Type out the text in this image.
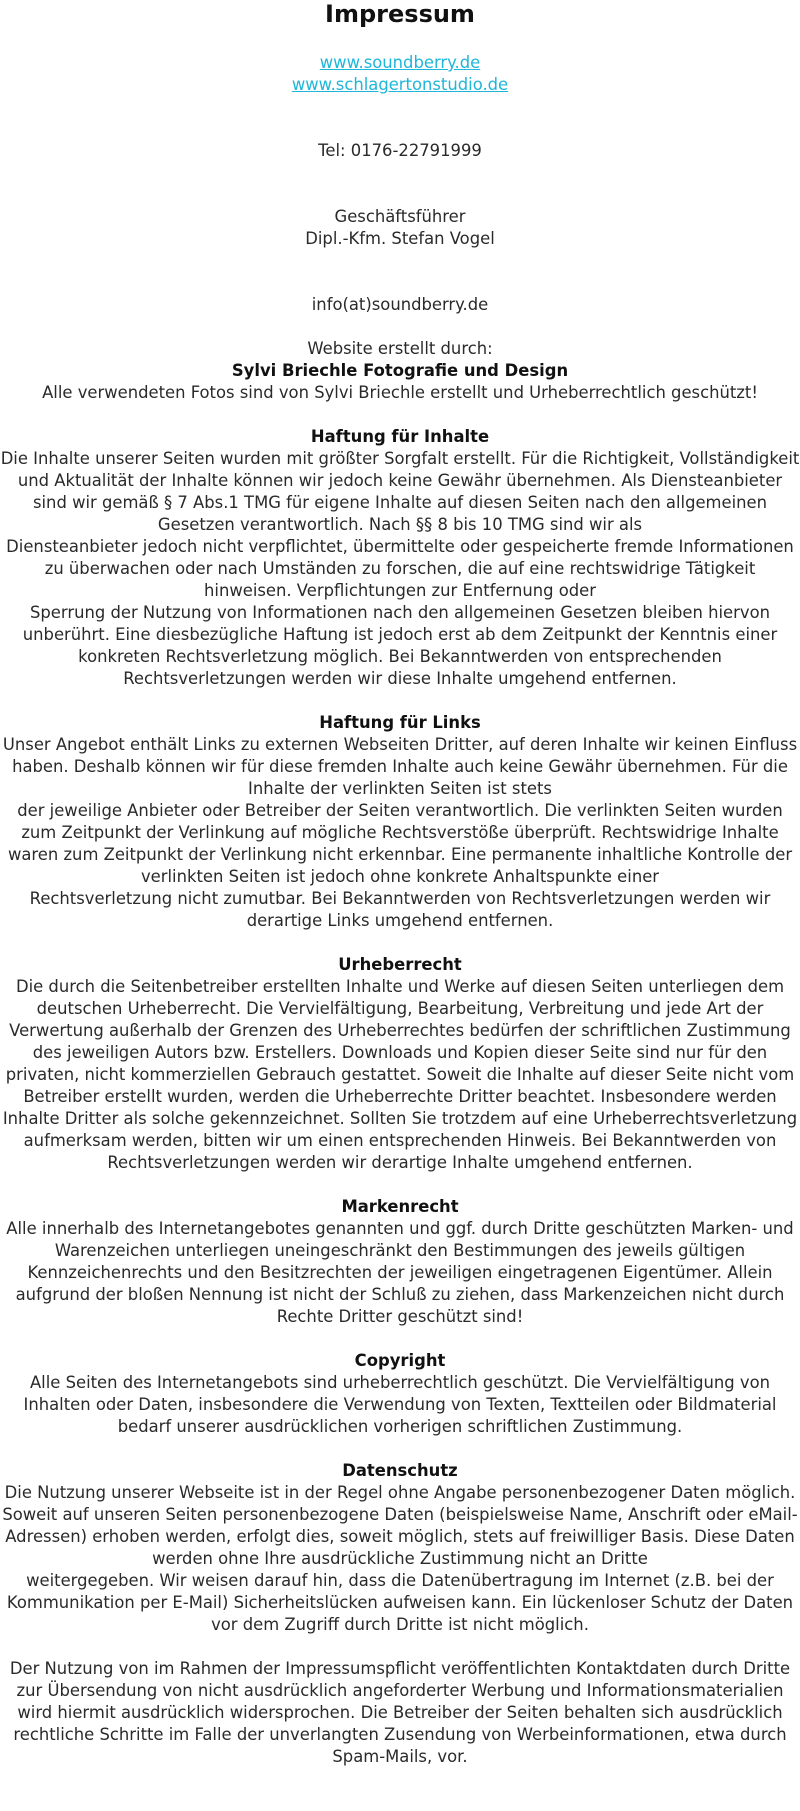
Impressum
www.soundberry.de
www.schlagertonstudio.de
Tel: 0176-22791999
Geschäftsführer
Dipl.-Kfm. Stefan Vogel
info(at)soundberry.de
Website erstellt durch:
Sylvi Briechle Fotografie und Design
Alle verwendeten Fotos sind von Sylvi Briechle erstellt und Urheberrechtlich geschützt!
Haftung für Inhalte
Die Inhalte unserer Seiten wurden mit größter Sorgfalt erstellt. Für die Richtigkeit, Vollständigkeit und Aktualität der Inhalte können wir jedoch keine Gewähr übernehmen. Als Diensteanbieter sind wir gemäß § 7 Abs.1 TMG für eigene Inhalte auf diesen Seiten nach den allgemeinen Gesetzen verantwortlich. Nach §§ 8 bis 10 TMG sind wir als
Diensteanbieter jedoch nicht verpflichtet, übermittelte oder gespeicherte fremde Informationen zu überwachen oder nach Umständen zu forschen, die auf eine rechtswidrige Tätigkeit hinweisen. Verpflichtungen zur Entfernung oder
Sperrung der Nutzung von Informationen nach den allgemeinen Gesetzen bleiben hiervon unberührt. Eine diesbezügliche Haftung ist jedoch erst ab dem Zeitpunkt der Kenntnis einer konkreten Rechtsverletzung möglich. Bei Bekanntwerden von entsprechenden Rechtsverletzungen werden wir diese Inhalte umgehend entfernen.
Haftung für Links
Unser Angebot enthält Links zu externen Webseiten Dritter, auf deren Inhalte wir keinen Einfluss haben. Deshalb können wir für diese fremden Inhalte auch keine Gewähr übernehmen. Für die Inhalte der verlinkten Seiten ist stets
der jeweilige Anbieter oder Betreiber der Seiten verantwortlich. Die verlinkten Seiten wurden zum Zeitpunkt der Verlinkung auf mögliche Rechtsverstöße überprüft. Rechtswidrige Inhalte waren zum Zeitpunkt der Verlinkung nicht erkennbar. Eine permanente inhaltliche Kontrolle der verlinkten Seiten ist jedoch ohne konkrete Anhaltspunkte einer
Rechtsverletzung nicht zumutbar. Bei Bekanntwerden von Rechtsverletzungen werden wir derartige Links umgehend entfernen.
Urheberrecht
Die durch die Seitenbetreiber erstellten Inhalte und Werke auf diesen Seiten unterliegen dem deutschen Urheberrecht. Die Vervielfältigung, Bearbeitung, Verbreitung und jede Art der Verwertung außerhalb der Grenzen des Urheberrechtes bedürfen der schriftlichen Zustimmung des jeweiligen Autors bzw. Erstellers. Downloads und Kopien dieser Seite sind nur für den privaten, nicht kommerziellen Gebrauch gestattet. Soweit die Inhalte auf dieser Seite nicht vom Betreiber erstellt wurden, werden die Urheberrechte Dritter beachtet. Insbesondere werden Inhalte Dritter als solche gekennzeichnet. Sollten Sie trotzdem auf eine Urheberrechtsverletzung aufmerksam werden, bitten wir um einen entsprechenden Hinweis. Bei Bekanntwerden von Rechtsverletzungen werden wir derartige Inhalte umgehend entfernen.
Markenrecht
Alle innerhalb des Internetangebotes genannten und ggf. durch Dritte geschützten Marken- und Warenzeichen unterliegen uneingeschränkt den Bestimmungen des jeweils gültigen Kennzeichenrechts und den Besitzrechten der jeweiligen eingetragenen Eigentümer. Allein aufgrund der bloßen Nennung ist nicht der Schluß zu ziehen, dass Markenzeichen nicht durch Rechte Dritter geschützt sind!
Copyright
Alle Seiten des Internetangebots sind urheberrechtlich geschützt. Die Vervielfältigung von Inhalten oder Daten, insbesondere die Verwendung von Texten, Textteilen oder Bildmaterial bedarf unserer ausdrücklichen vorherigen schriftlichen Zustimmung.
Datenschutz
Die Nutzung unserer Webseite ist in der Regel ohne Angabe personenbezogener Daten möglich. Soweit auf unseren Seiten personenbezogene Daten (beispielsweise Name, Anschrift oder eMail-Adressen) erhoben werden, erfolgt dies, soweit möglich, stets auf freiwilliger Basis. Diese Daten werden ohne Ihre ausdrückliche Zustimmung nicht an Dritte
weitergegeben. Wir weisen darauf hin, dass die Datenübertragung im Internet (z.B. bei der Kommunikation per E-Mail) Sicherheitslücken aufweisen kann. Ein lückenloser Schutz der Daten vor dem Zugriff durch Dritte ist nicht möglich.
Der Nutzung von im Rahmen der Impressumspflicht veröffentlichten Kontaktdaten durch Dritte zur Übersendung von nicht ausdrücklich angeforderter Werbung und Informationsmaterialien wird hiermit ausdrücklich widersprochen. Die Betreiber der Seiten behalten sich ausdrücklich rechtliche Schritte im Falle der unverlangten Zusendung von Werbeinformationen, etwa durch Spam-Mails, vor.
